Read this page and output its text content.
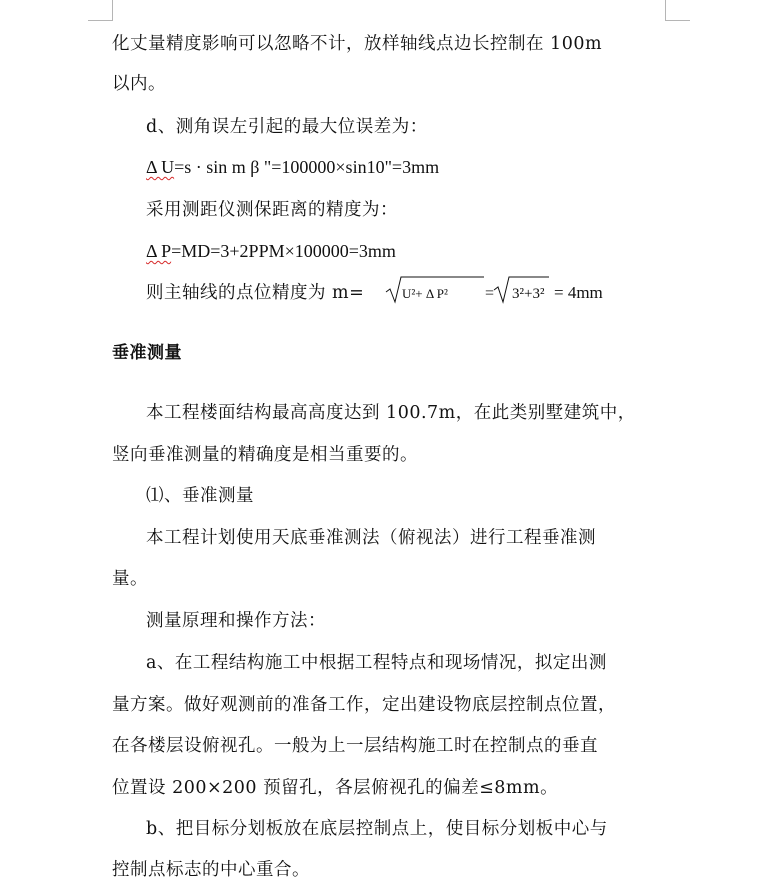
化丈量精度影响可以忽略不计，放样轴线点边长控制在 100m
以内。
d、测角误左引起的最大位误差为：
Δ U=s · sin m β "=100000×sin10"=3mm
采用测距仪测保距离的精度为：
Δ P=MD=3+2PPM×100000=3mm
则主轴线的点位精度为 m=	U²+ Δ P² = 3²+3² = 4mm
垂准测量
本工程楼面结构最高高度达到 100.7m，在此类别墅建筑中，
竖向垂准测量的精确度是相当重要的。
⑴、垂准测量
本工程计划使用天底垂准测法（俯视法）进行工程垂准测
量。
测量原理和操作方法：
a、在工程结构施工中根据工程特点和现场情况，拟定出测
量方案。做好观测前的准备工作，定出建设物底层控制点位置，
在各楼层设俯视孔。一般为上一层结构施工时在控制点的垂直
位置设 200×200 预留孔，各层俯视孔的偏差≤8mm。
b、把目标分划板放在底层控制点上，使目标分划板中心与
控制点标志的中心重合。
